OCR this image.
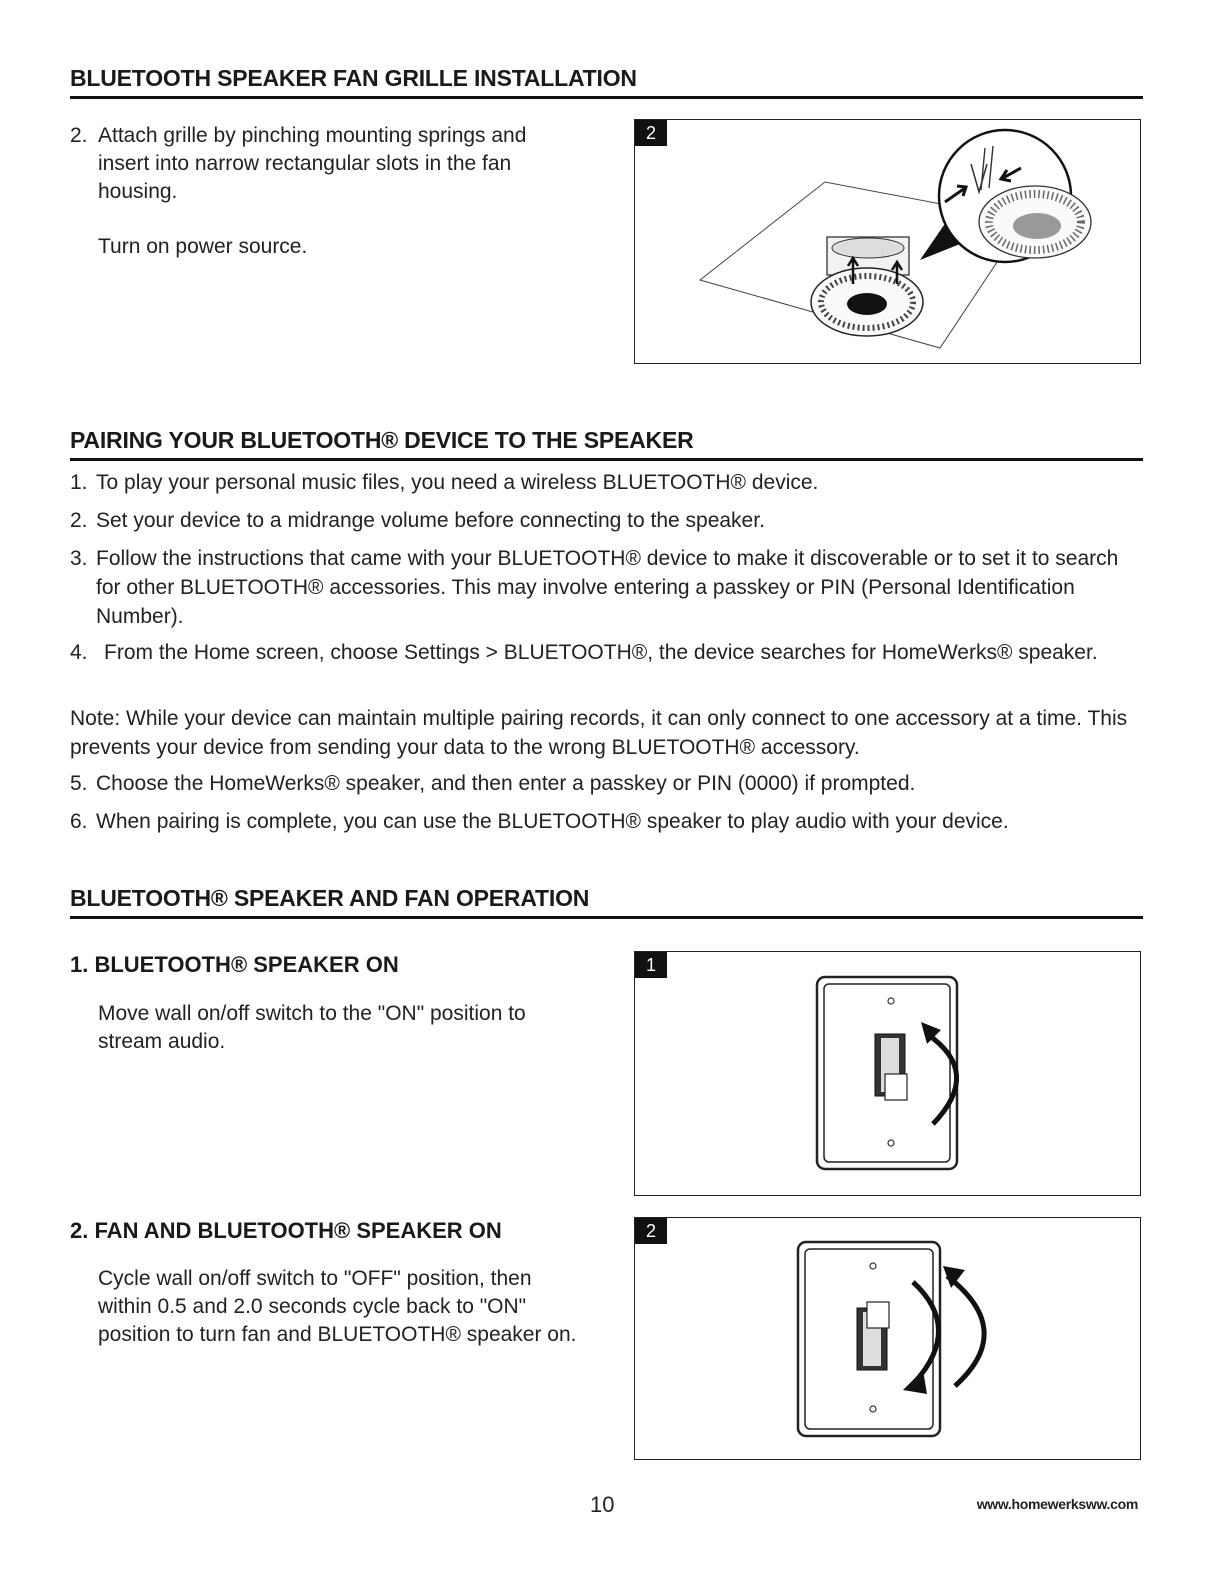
BLUETOOTH SPEAKER FAN GRILLE INSTALLATION
2. Attach grille by pinching mounting springs and insert into narrow rectangular slots in the fan housing.
Turn on power source.
2
PAIRING YOUR BLUETOOTH® DEVICE TO THE SPEAKER
1. To play your personal music files, you need a wireless BLUETOOTH® device.
2. Set your device to a midrange volume before connecting to the speaker.
3. Follow the instructions that came with your BLUETOOTH® device to make it discoverable or to set it to search for other BLUETOOTH® accessories. This may involve entering a passkey or PIN (Personal Identification Number).
4. From the Home screen, choose Settings > BLUETOOTH®, the device searches for HomeWerks® speaker.
Note: While your device can maintain multiple pairing records, it can only connect to one accessory at a time. This prevents your device from sending your data to the wrong BLUETOOTH® accessory.
5. Choose the HomeWerks® speaker, and then enter a passkey or PIN (0000) if prompted.
6. When pairing is complete, you can use the BLUETOOTH® speaker to play audio with your device.
BLUETOOTH® SPEAKER AND FAN OPERATION
1. BLUETOOTH® SPEAKER ON
Move wall on/off switch to the "ON" position to stream audio.
1
2. FAN AND BLUETOOTH® SPEAKER ON
Cycle wall on/off switch to "OFF" position, then within 0.5 and 2.0 seconds cycle back to "ON" position to turn fan and BLUETOOTH® speaker on.
2
10	www.homewerksww.com
